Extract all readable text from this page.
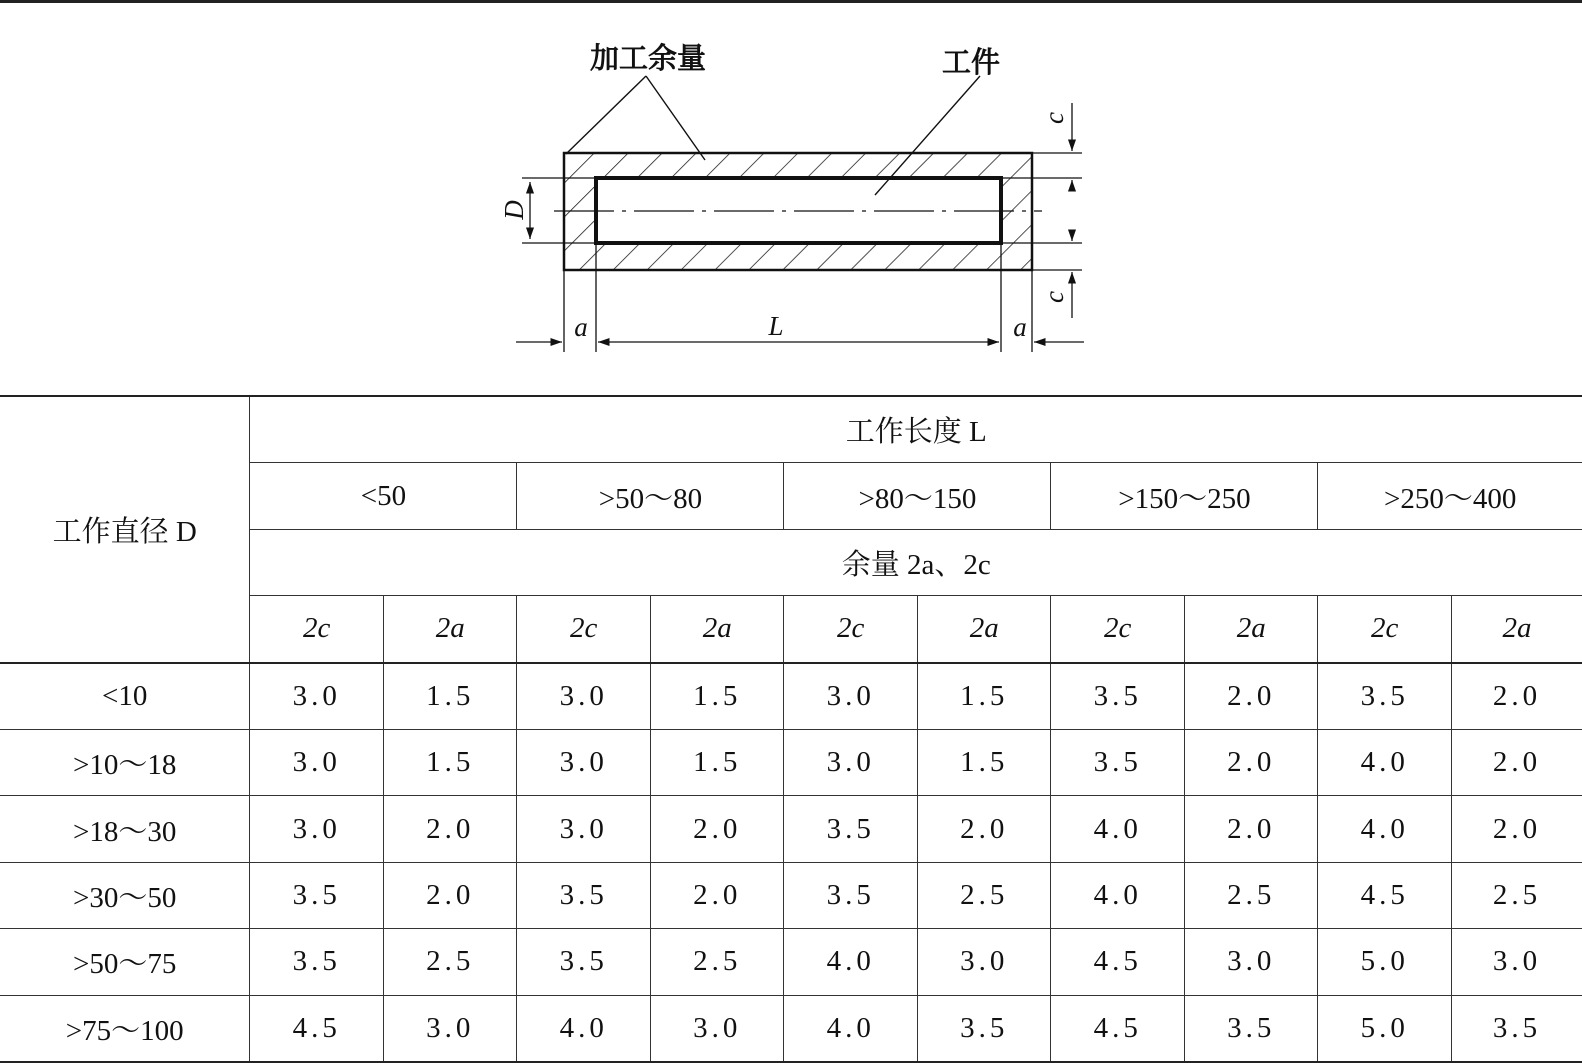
加工余量	工件
D
L
a	a
c
c
工作直径 D	工作长度 L									
	<50		>50～80		>80～150		>150～250		>250～400	
	余量 2a、2c									
	2c	2a	2c	2a	2c	2a	2c	2a	2c	2a
<10	3.0	1.5	3.0	1.5	3.0	1.5	3.5	2.0	3.5	2.0
>10～18	3.0	1.5	3.0	1.5	3.0	1.5	3.5	2.0	4.0	2.0
>18～30	3.0	2.0	3.0	2.0	3.5	2.0	4.0	2.0	4.0	2.0
>30～50	3.5	2.0	3.5	2.0	3.5	2.5	4.0	2.5	4.5	2.5
>50～75	3.5	2.5	3.5	2.5	4.0	3.0	4.5	3.0	5.0	3.0
>75～100	4.5	3.0	4.0	3.0	4.0	3.5	4.5	3.5	5.0	3.5
